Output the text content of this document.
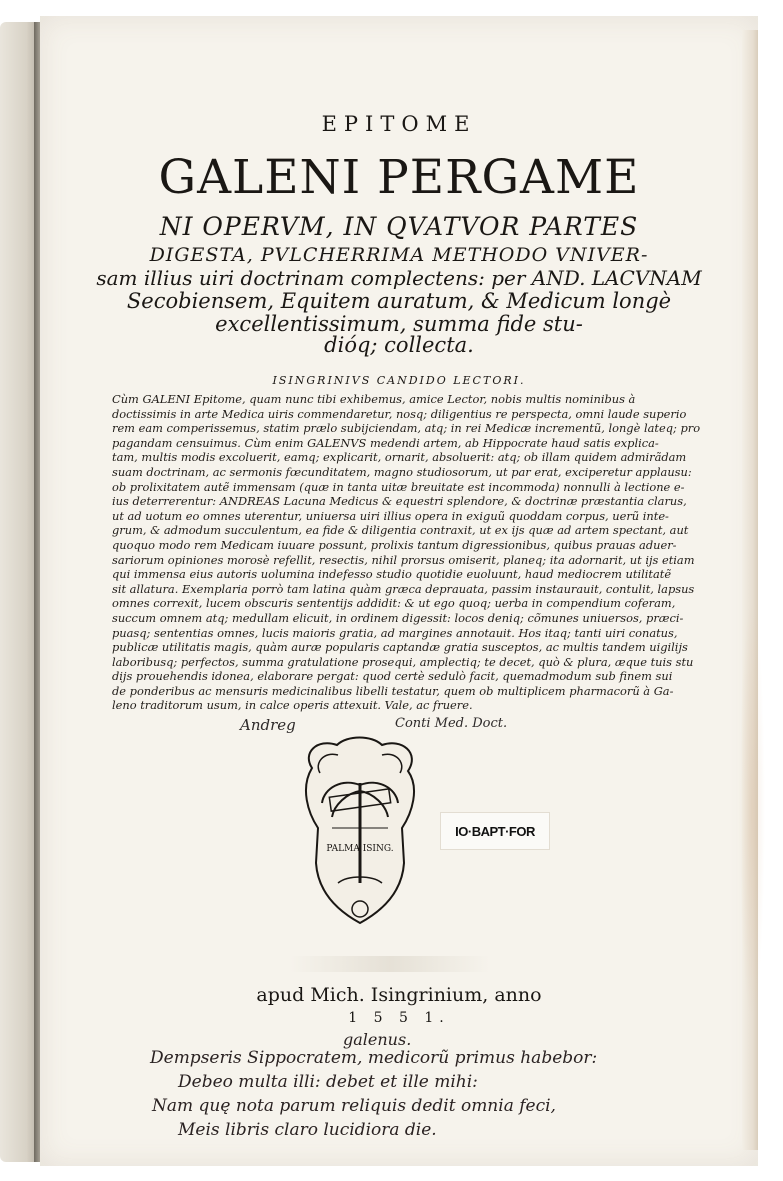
EPITOME
GALENI PERGAME
NI OPERVM, IN QVATVOR PARTES
DIGESTA, PVLCHERRIMA METHODO VNIVER-
sam illius uiri doctrinam complectens: per AND. LACVNAM
Secobiensem, Equitem auratum, & Medicum longè
excellentissimum, summa fide stu-
dióq; collecta.
ISINGRINIVS CANDIDO LECTORI.
Cùm GALENI Epitome, quam nunc tibi exhibemus, amice Lector, nobis multis nominibus à
doctissimis in arte Medica uiris commendaretur, nosq; diligentius re perspecta, omni laude superio
rem eam comperissemus, statim prælo subijciendam, atq; in rei Medicæ incrementũ, longè lateq; pro
pagandam censuimus. Cùm enim GALENVS medendi artem, ab Hippocrate haud satis explica-
tam, multis modis excoluerit, eamq; explicarit, ornarit, absoluerit: atq; ob illam quidem admirãdam
suam doctrinam, ac sermonis fœcunditatem, magno studiosorum, ut par erat, exciperetur applausu:
ob prolixitatem autẽ immensam (quæ in tanta uitæ breuitate est incommoda) nonnulli à lectione e-
ius deterrerentur: ANDREAS Lacuna Medicus & equestri splendore, & doctrinæ præstantia clarus,
ut ad uotum eo omnes uterentur, uniuersa uiri illius opera in exiguũ quoddam corpus, uerũ inte-
grum, & admodum succulentum, ea fide & diligentia contraxit, ut ex ijs quæ ad artem spectant, aut
quoquo modo rem Medicam iuuare possunt, prolixis tantum digressionibus, quibus prauas aduer-
sariorum opiniones morosè refellit, resectis, nihil prorsus omiserit, planeq; ita adornarit, ut ijs etiam
qui immensa eius autoris uolumina indefesso studio quotidie euoluunt, haud mediocrem utilitatẽ
sit allatura. Exemplaria porrò tam latina quàm græca deprauata, passim instaurauit, contulit, lapsus
omnes correxit, lucem obscuris sententijs addidit: & ut ego quoq; uerba in compendium coferam,
succum omnem atq; medullam elicuit, in ordinem digessit: locos deniq; cõmunes uniuersos, præci-
puasq; sententias omnes, lucis maioris gratia, ad margines annotauit. Hos itaq; tanti uiri conatus,
publicæ utilitatis magis, quàm auræ popularis captandæ gratia susceptos, ac multis tandem uigilijs
laboribusq; perfectos, summa gratulatione prosequi, amplectiq; te decet, quò & plura, æque tuis stu
dijs prouehendis idonea, elaborare pergat: quod certè sedulò facit, quemadmodum sub finem sui
de ponderibus ac mensuris medicinalibus libelli testatur, quem ob multiplicem pharmacorũ à Ga-
leno traditorum usum, in calce operis attexuit. Vale, ac fruere.
Andreg	Conti Med. Doct.
PALMA ISING.
IO·BAPT·FOR
apud Mich. Isingrinium, anno
1 5 5 1.
galenus.
Dempseris Sippocratem, medicorũ primus habebor:
Debeo multa illi: debet et ille mihi:
Nam quę nota parum reliquis dedit omnia feci,
Meis libris claro lucidiora die.
